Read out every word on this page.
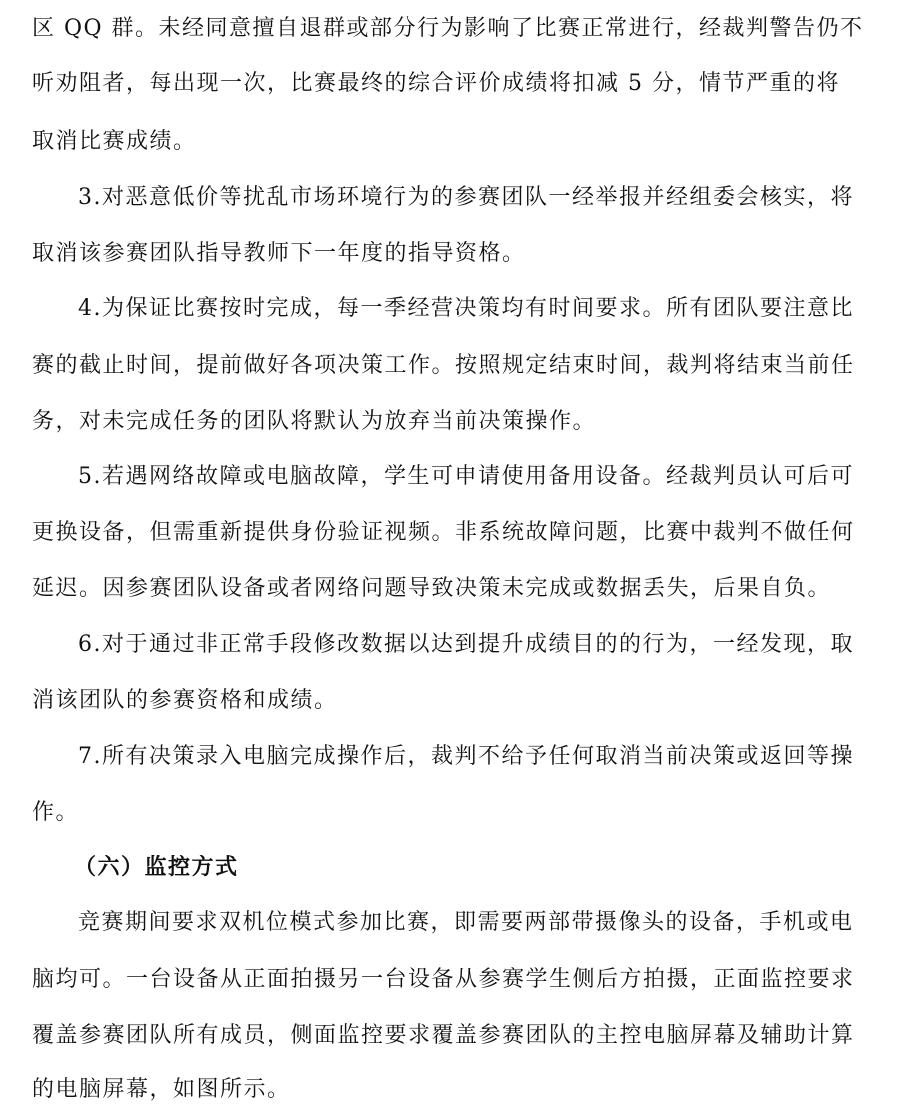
区 QQ 群。未经同意擅自退群或部分行为影响了比赛正常进行，经裁判警告仍不
听劝阻者，每出现一次，比赛最终的综合评价成绩将扣减 5 分，情节严重的将
取消比赛成绩。
3.对恶意低价等扰乱市场环境行为的参赛团队一经举报并经组委会核实，将
取消该参赛团队指导教师下一年度的指导资格。
4.为保证比赛按时完成，每一季经营决策均有时间要求。所有团队要注意比
赛的截止时间，提前做好各项决策工作。按照规定结束时间，裁判将结束当前任
务，对未完成任务的团队将默认为放弃当前决策操作。
5.若遇网络故障或电脑故障，学生可申请使用备用设备。经裁判员认可后可
更换设备，但需重新提供身份验证视频。非系统故障问题，比赛中裁判不做任何
延迟。因参赛团队设备或者网络问题导致决策未完成或数据丢失，后果自负。
6.对于通过非正常手段修改数据以达到提升成绩目的的行为，一经发现，取
消该团队的参赛资格和成绩。
7.所有决策录入电脑完成操作后，裁判不给予任何取消当前决策或返回等操
作。
（六）监控方式
竞赛期间要求双机位模式参加比赛，即需要两部带摄像头的设备，手机或电
脑均可。一台设备从正面拍摄另一台设备从参赛学生侧后方拍摄，正面监控要求
覆盖参赛团队所有成员，侧面监控要求覆盖参赛团队的主控电脑屏幕及辅助计算
的电脑屏幕，如图所示。
